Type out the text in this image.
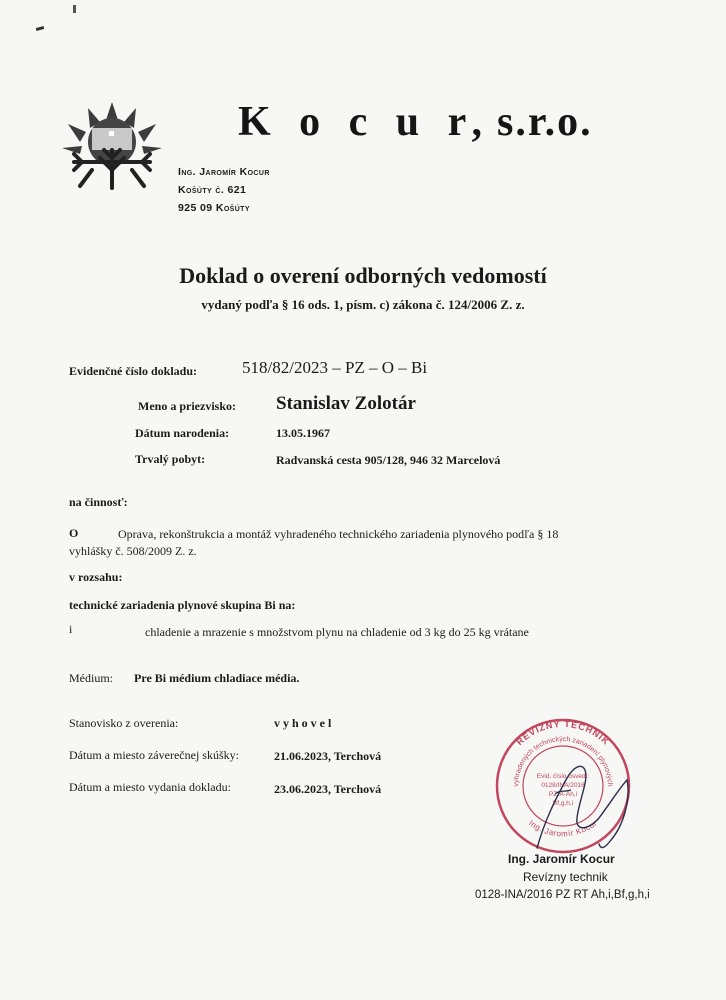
K o c u r, s.r.o.
Ing. Jaromír Kocur
Košúty č. 621
925 09 Košúty
Doklad o overení odborných vedomostí
vydaný podľa § 16 ods. 1, písm. c) zákona č. 124/2006 Z. z.
Evidenčné číslo dokladu:	518/82/2023 – PZ – O – Bi
Meno a priezvisko: Stanislav Zolotár
Dátum narodenia:	13.05.1967
Trvalý pobyt:	Radvanská cesta 905/128, 946 32 Marcelová
na činnosť:
O	Oprava, rekonštrukcia a montáž vyhradeného technického zariadenia plynového podľa § 18
vyhlášky č. 508/2009 Z. z.
v rozsahu:
technické zariadenia plynové skupina Bi na:
i	chladenie a mrazenie s množstvom plynu na chladenie od 3 kg do 25 kg vrátane
Médium: Pre Bi médium chladiace média.
Stanovisko z overenia:	v y h o v e l
Dátum a miesto záverečnej skúšky:	21.06.2023, Terchová
Dátum a miesto vydania dokladu:	23.06.2023, Terchová
REVÍZNY TECHNIK
vyhradených technických zariadení plynových
Ing. Jaromír Kocur
Evid. číslo osved.:
0128/INA/2016
PZ-A-Ah,i
Bf,g,h,i
Ing. Jaromír Kocur
Revízny technik
0128-INA/2016 PZ RT Ah,i,Bf,g,h,i
